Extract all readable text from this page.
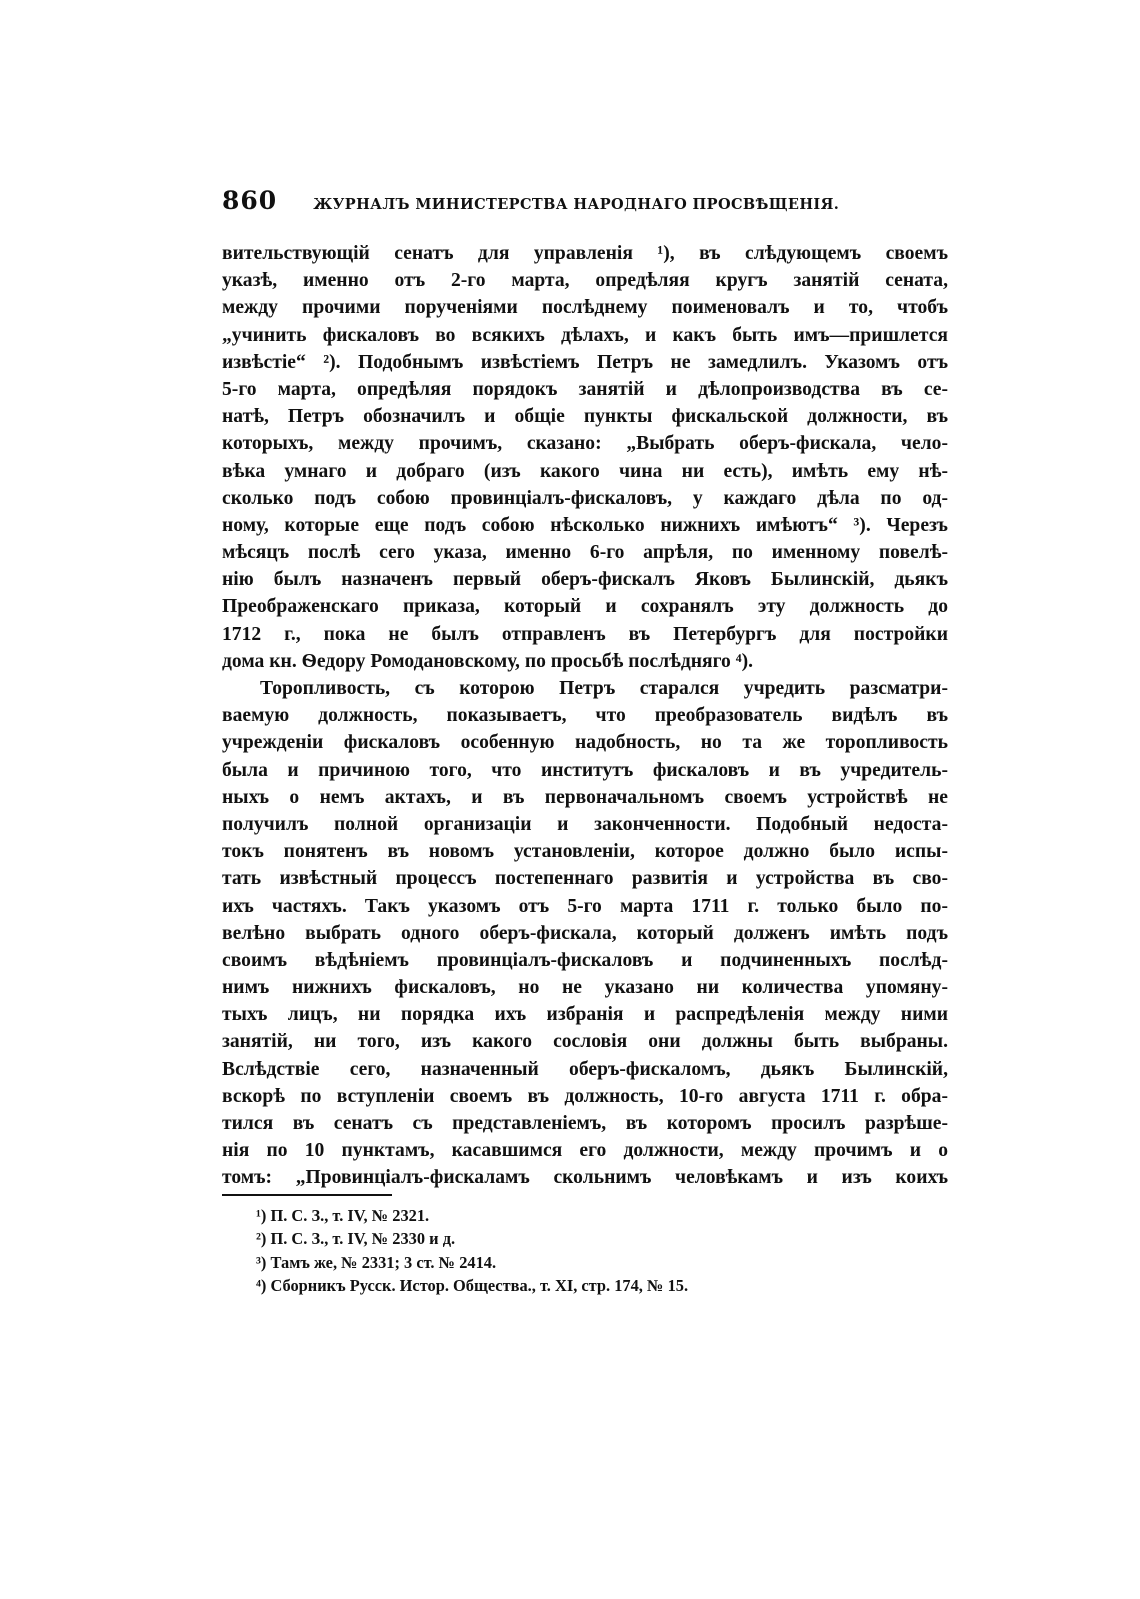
860 ЖУРНАЛЪ МИНИСТЕРСТВА НАРОДНАГО ПРОСВѢЩЕНІЯ.
вительствующій сенатъ для управленія ¹), въ слѣдующемъ своемъ
указѣ, именно отъ 2-го марта, опредѣляя кругъ занятій сената,
между прочими порученіями послѣднему поименовалъ и то, чтобъ
„учинить фискаловъ во всякихъ дѣлахъ, и какъ быть имъ—пришлется
извѣстіе“ ²). Подобнымъ извѣстіемъ Петръ не замедлилъ. Указомъ отъ
5-го марта, опредѣляя порядокъ занятій и дѣлопроизводства въ се-
натѣ, Петръ обозначилъ и общіе пункты фискальской должности, въ
которыхъ, между прочимъ, сказано: „Выбрать оберъ-фискала, чело-
вѣка умнаго и добраго (изъ какого чина ни есть), имѣть ему нѣ-
сколько подъ собою провинціалъ-фискаловъ, у каждаго дѣла по од-
ному, которые еще подъ собою нѣсколько нижнихъ имѣютъ“ ³). Черезъ
мѣсяцъ послѣ сего указа, именно 6-го апрѣля, по именному повелѣ-
нію былъ назначенъ первый оберъ-фискалъ Яковъ Былинскій, дьякъ
Преображенскаго приказа, который и сохранялъ эту должность до
1712 г., пока не былъ отправленъ въ Петербургъ для постройки
дома кн. Ѳедору Ромодановскому, по просьбѣ послѣдняго ⁴).
Торопливость, съ которою Петръ старался учредить разсматри-
ваемую должность, показываетъ, что преобразователь видѣлъ въ
учрежденіи фискаловъ особенную надобность, но та же торопливость
была и причиною того, что институтъ фискаловъ и въ учредитель-
ныхъ о немъ актахъ, и въ первоначальномъ своемъ устройствѣ не
получилъ полной организаціи и законченности. Подобный недоста-
токъ понятенъ въ новомъ установленіи, которое должно было испы-
тать извѣстный процессъ постепеннаго развитія и устройства въ сво-
ихъ частяхъ. Такъ указомъ отъ 5-го марта 1711 г. только было по-
велѣно выбрать одного оберъ-фискала, который долженъ имѣть подъ
своимъ вѣдѣніемъ провинціалъ-фискаловъ и подчиненныхъ послѣд-
нимъ нижнихъ фискаловъ, но не указано ни количества упомяну-
тыхъ лицъ, ни порядка ихъ избранія и распредѣленія между ними
занятій, ни того, изъ какого сословія они должны быть выбраны.
Вслѣдствіе сего, назначенный оберъ-фискаломъ, дьякъ Былинскій,
вскорѣ по вступленіи своемъ въ должность, 10-го августа 1711 г. обра-
тился въ сенатъ съ представленіемъ, въ которомъ просилъ разрѣше-
нія по 10 пунктамъ, касавшимся его должности, между прочимъ и о
томъ: „Провинціалъ-фискаламъ скольнимъ человѣкамъ и изъ коихъ
¹) П. С. З., т. IV, № 2321.
²) П. С. З., т. IV, № 2330 и д.
³) Тамъ же, № 2331; 3 ст. № 2414.
⁴) Сборникъ Русск. Истор. Общества., т. XI, стр. 174, № 15.
